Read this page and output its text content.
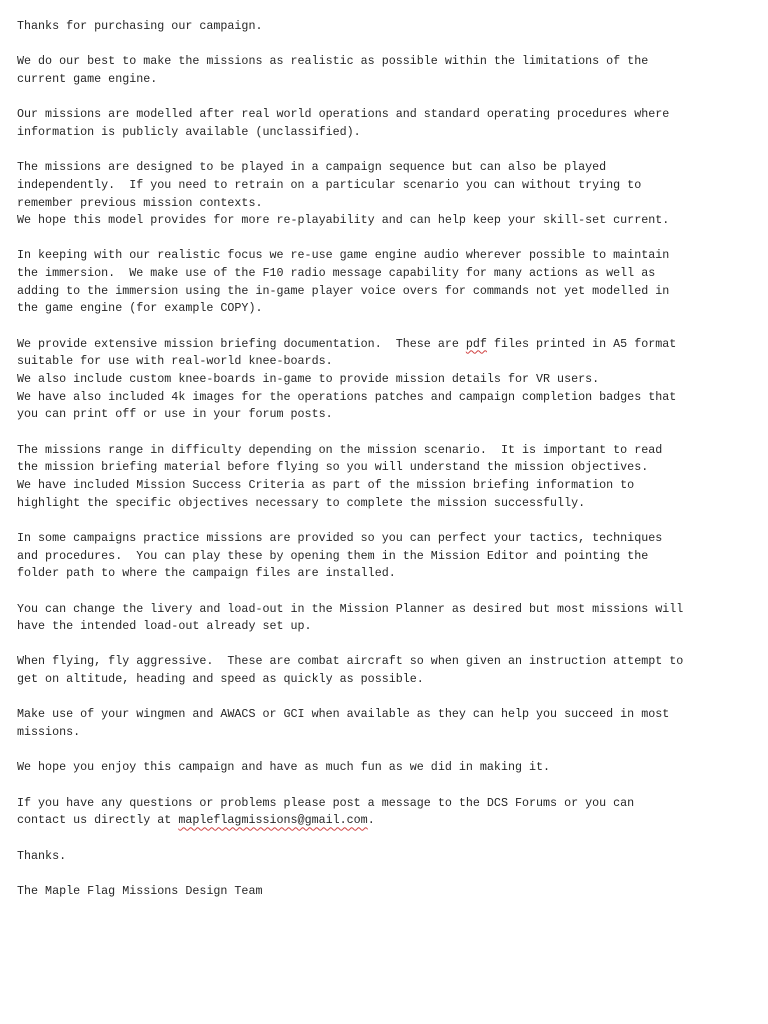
Thanks for purchasing our campaign.
We do our best to make the missions as realistic as possible within the limitations of the
current game engine.
Our missions are modelled after real world operations and standard operating procedures where
information is publicly available (unclassified).
The missions are designed to be played in a campaign sequence but can also be played
independently.  If you need to retrain on a particular scenario you can without trying to
remember previous mission contexts.
We hope this model provides for more re-playability and can help keep your skill-set current.
In keeping with our realistic focus we re-use game engine audio wherever possible to maintain
the immersion.  We make use of the F10 radio message capability for many actions as well as
adding to the immersion using the in-game player voice overs for commands not yet modelled in
the game engine (for example COPY).
We provide extensive mission briefing documentation.  These are pdf files printed in A5 format
suitable for use with real-world knee-boards.
We also include custom knee-boards in-game to provide mission details for VR users.
We have also included 4k images for the operations patches and campaign completion badges that
you can print off or use in your forum posts.
The missions range in difficulty depending on the mission scenario.  It is important to read
the mission briefing material before flying so you will understand the mission objectives.
We have included Mission Success Criteria as part of the mission briefing information to
highlight the specific objectives necessary to complete the mission successfully.
In some campaigns practice missions are provided so you can perfect your tactics, techniques
and procedures.  You can play these by opening them in the Mission Editor and pointing the
folder path to where the campaign files are installed.
You can change the livery and load-out in the Mission Planner as desired but most missions will
have the intended load-out already set up.
When flying, fly aggressive.  These are combat aircraft so when given an instruction attempt to
get on altitude, heading and speed as quickly as possible.
Make use of your wingmen and AWACS or GCI when available as they can help you succeed in most
missions.
We hope you enjoy this campaign and have as much fun as we did in making it.
If you have any questions or problems please post a message to the DCS Forums or you can
contact us directly at mapleflagmissions@gmail.com.
Thanks.
The Maple Flag Missions Design Team
